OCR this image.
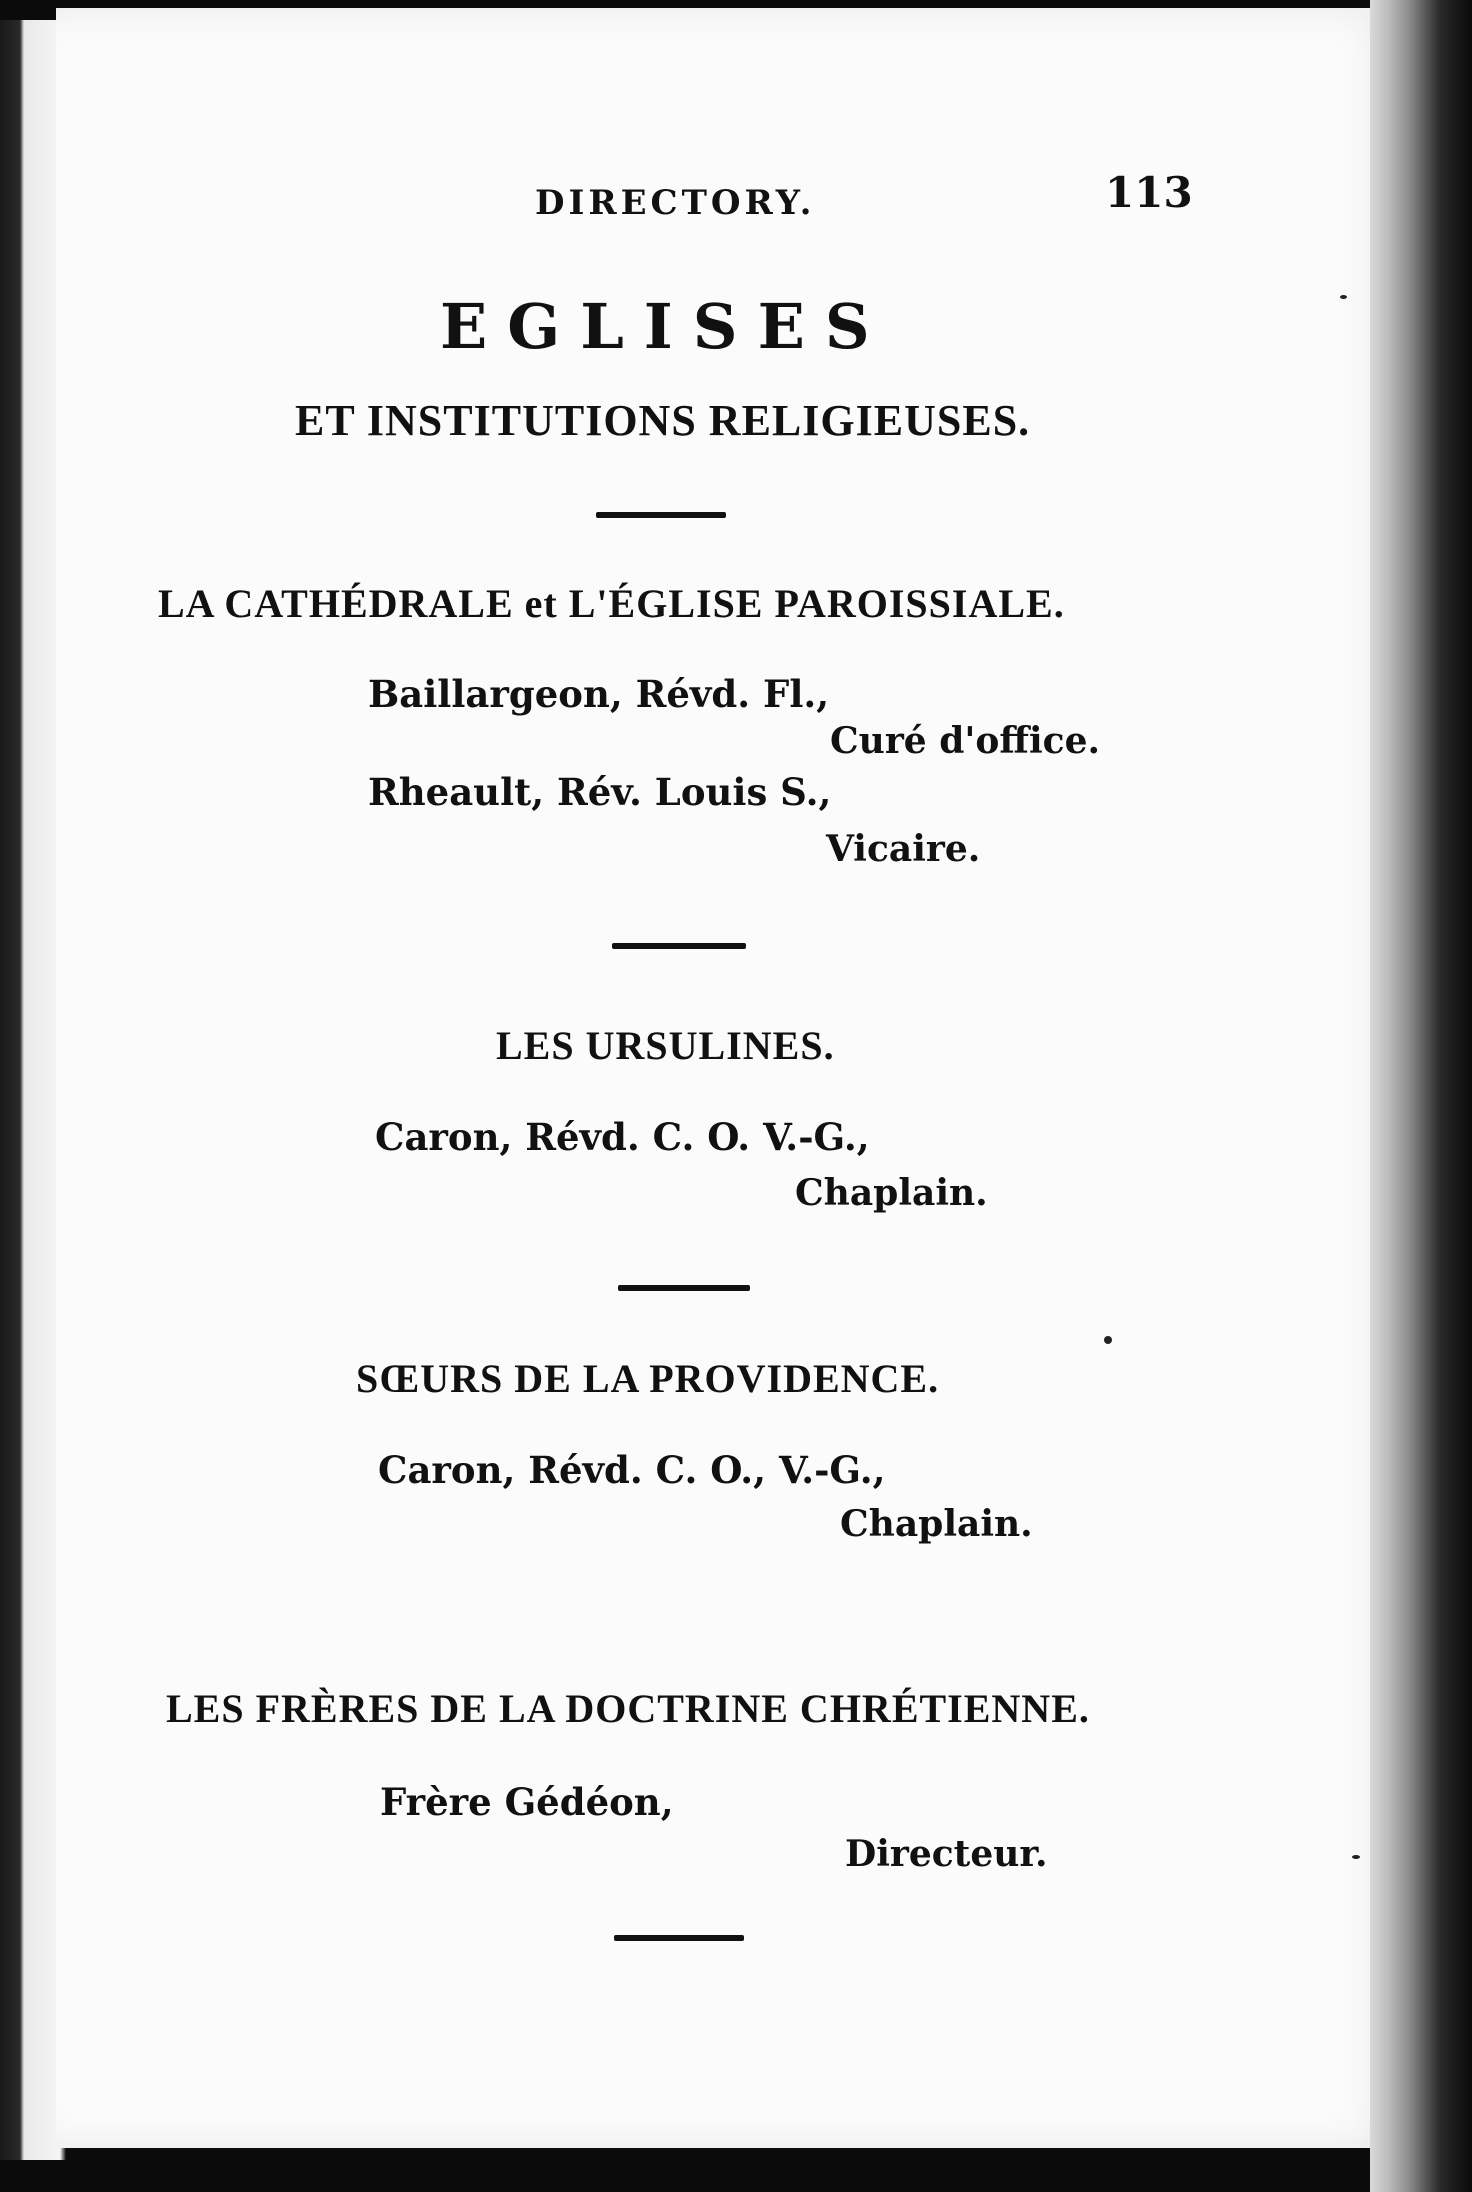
DIRECTORY.	113
EGLISES
ET INSTITUTIONS RELIGIEUSES.
LA CATHÉDRALE et L'ÉGLISE PAROISSIALE.
Baillargeon, Révd. Fl.,
Curé d'office.
Rheault, Rév. Louis S.,
Vicaire.
LES URSULINES.
Caron, Révd. C. O. V.-G.,
Chaplain.
SŒURS DE LA PROVIDENCE.
Caron, Révd. C. O., V.-G.,
Chaplain.
LES FRÈRES DE LA DOCTRINE CHRÉTIENNE.
Frère Gédéon,
Directeur.
